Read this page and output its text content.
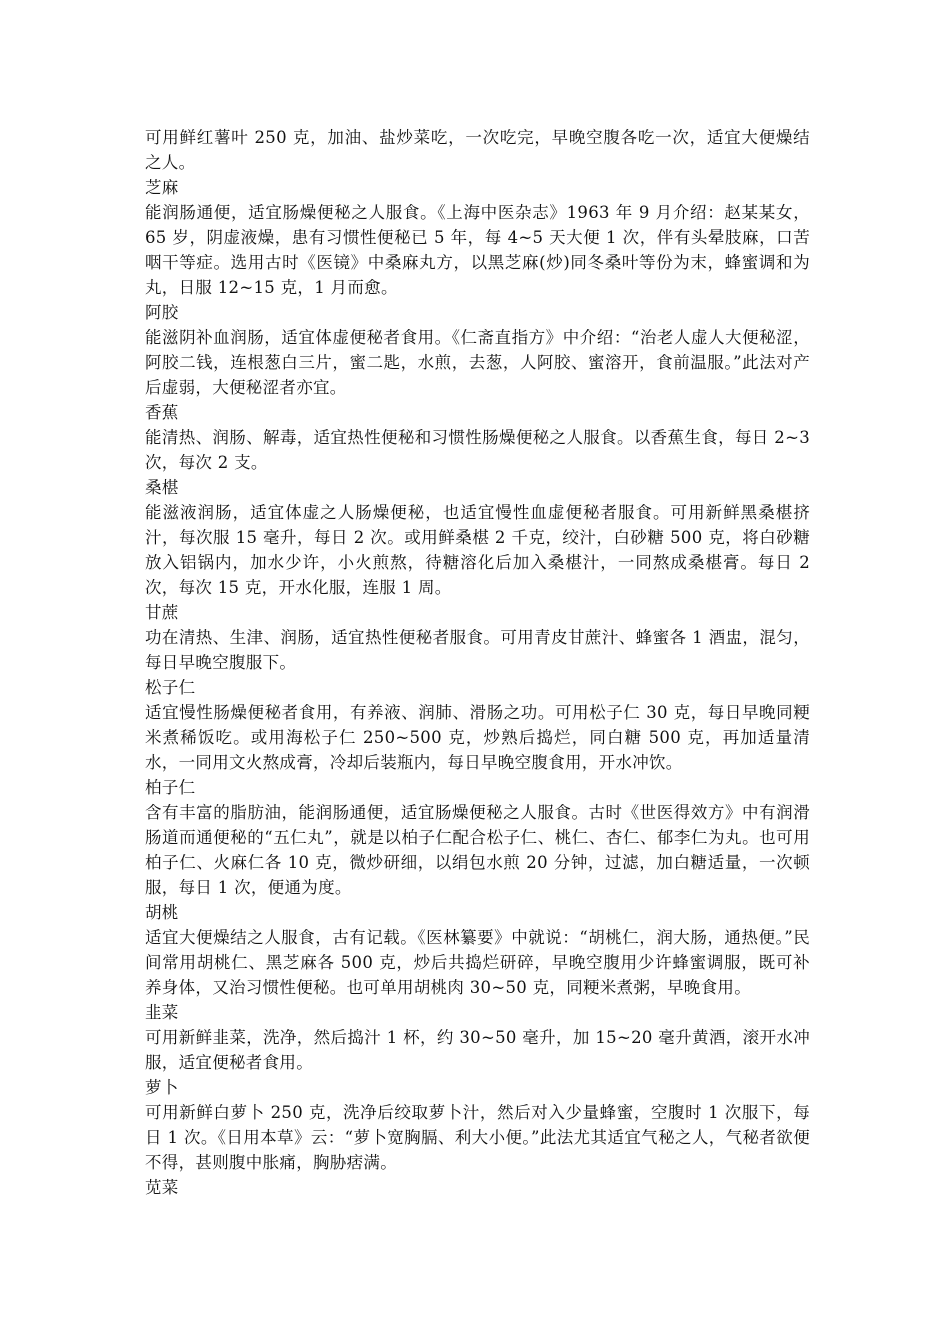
可用鲜红薯叶 250 克，加油、盐炒菜吃，一次吃完，早晚空腹各吃一次，适宜大便燥结之人。

芝麻

能润肠通便，适宜肠燥便秘之人服食。《上海中医杂志》1963 年 9 月介绍：赵某某女，65 岁，阴虚液燥，患有习惯性便秘已 5 年，每 4~5 天大便 1 次，伴有头晕肢麻，口苦咽干等症。选用古时《医镜》中桑麻丸方，以黑芝麻(炒)同冬桑叶等份为末，蜂蜜调和为丸，日服 12~15 克，1 月而愈。

阿胶

能滋阴补血润肠，适宜体虚便秘者食用。《仁斋直指方》中介绍：“治老人虚人大便秘涩，阿胶二钱，连根葱白三片，蜜二匙，水煎，去葱，人阿胶、蜜溶开，食前温服。”此法对产后虚弱，大便秘涩者亦宜。

香蕉

能清热、润肠、解毒，适宜热性便秘和习惯性肠燥便秘之人服食。以香蕉生食，每日 2~3 次，每次 2 支。

桑椹

能滋液润肠，适宜体虚之人肠燥便秘，也适宜慢性血虚便秘者服食。可用新鲜黑桑椹挤汁，每次服 15 毫升，每日 2 次。或用鲜桑椹 2 千克，绞汁，白砂糖 500 克，将白砂糖放入铝锅内，加水少许，小火煎熬，待糖溶化后加入桑椹汁，一同熬成桑椹膏。每日 2 次，每次 15 克，开水化服，连服 1 周。

甘蔗

功在清热、生津、润肠，适宜热性便秘者服食。可用青皮甘蔗汁、蜂蜜各 1 酒盅，混匀，每日早晚空腹服下。

松子仁

适宜慢性肠燥便秘者食用，有养液、润肺、滑肠之功。可用松子仁 30 克，每日早晚同粳米煮稀饭吃。或用海松子仁 250~500 克，炒熟后捣烂，同白糖 500 克，再加适量清水，一同用文火熬成膏，冷却后装瓶内，每日早晚空腹食用，开水冲饮。

柏子仁

含有丰富的脂肪油，能润肠通便，适宜肠燥便秘之人服食。古时《世医得效方》中有润滑肠道而通便秘的“五仁丸”，就是以柏子仁配合松子仁、桃仁、杏仁、郁李仁为丸。也可用柏子仁、火麻仁各 10 克，微炒研细，以绢包水煎 20 分钟，过滤，加白糖适量，一次顿服，每日 1 次，便通为度。

胡桃

适宜大便燥结之人服食，古有记载。《医林纂要》中就说：“胡桃仁，润大肠，通热便。”民间常用胡桃仁、黑芝麻各 500 克，炒后共捣烂研碎，早晚空腹用少许蜂蜜调服，既可补养身体，又治习惯性便秘。也可单用胡桃肉 30~50 克，同粳米煮粥，早晚食用。

韭菜

可用新鲜韭菜，洗净，然后捣汁 1 杯，约 30~50 毫升，加 15~20 毫升黄酒，滚开水冲服，适宜便秘者食用。

萝卜

可用新鲜白萝卜 250 克，洗净后绞取萝卜汁，然后对入少量蜂蜜，空腹时 1 次服下，每日 1 次。《日用本草》云：“萝卜宽胸膈、利大小便。”此法尤其适宜气秘之人，气秘者欲便不得，甚则腹中胀痛，胸胁痞满。

苋菜
